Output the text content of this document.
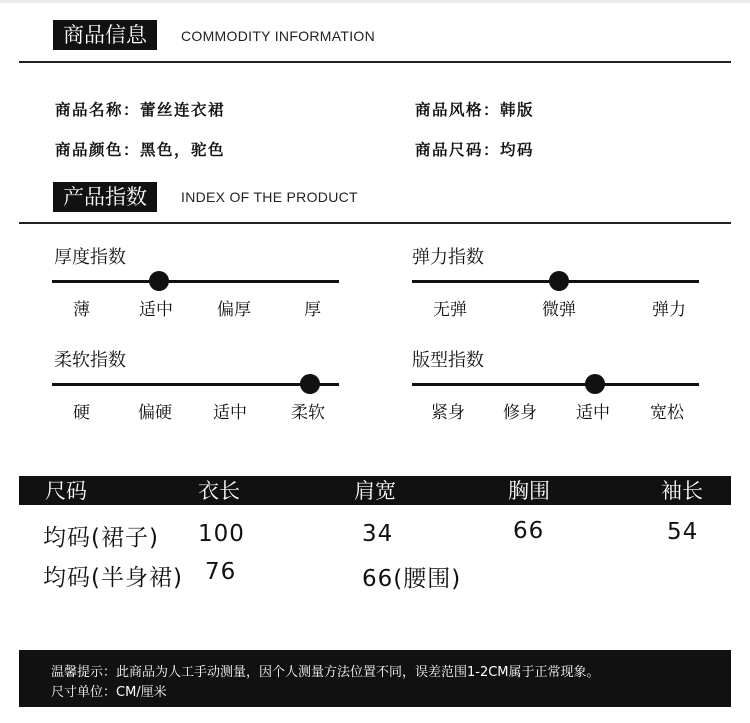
商品信息	COMMODITY INFORMATION
商品名称：蕾丝连衣裙	商品风格：韩版
商品颜色：黑色，驼色	商品尺码：均码
产品指数	INDEX OF THE PRODUCT
厚度指数
薄	适中	偏厚	厚
弹力指数
无弹	微弹	弹力
柔软指数
硬	偏硬 适中	柔软
版型指数
紧身 修身 适中 宽松
尺码	衣长	肩宽	胸围	袖长
均码(裙子) 100	34	66	54
均码(半身裙) 76	66(腰围)
温馨提示：此商品为人工手动测量，因个人测量方法位置不同，误差范围1-2CM属于正常现象。
尺寸单位：CM/厘米
